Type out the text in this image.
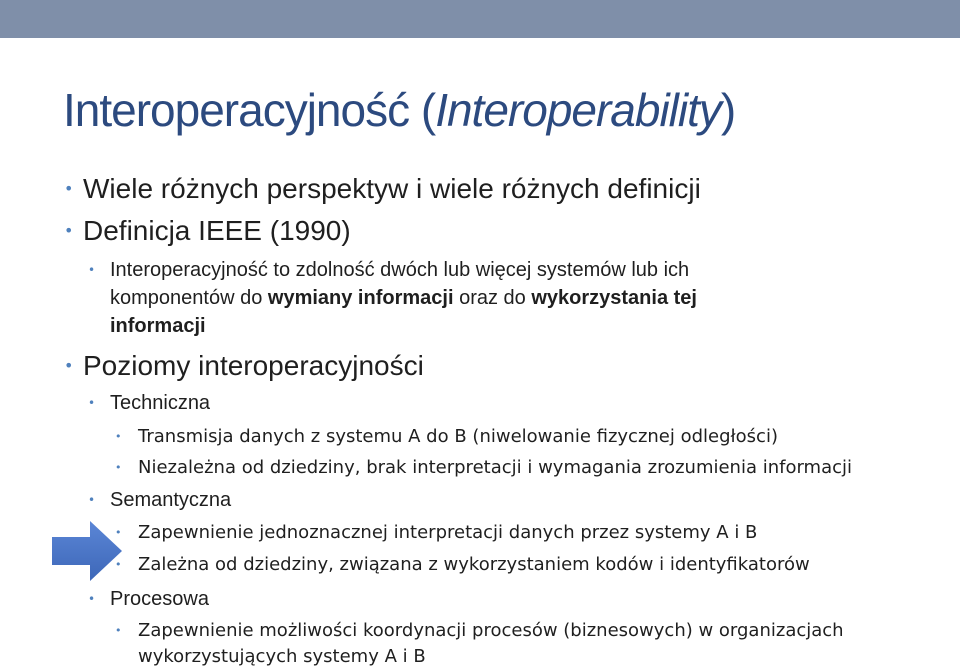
Interoperacyjność (Interoperability)
• Wiele różnych perspektyw i wiele różnych definicji
• Definicja IEEE (1990)
• Interoperacyjność to zdolność dwóch lub więcej systemów lub ich
komponentów do wymiany informacji oraz do wykorzystania tej
informacji
• Poziomy interoperacyjności
• Techniczna
• Transmisja danych z systemu A do B (niwelowanie fizycznej odległości)
• Niezależna od dziedziny, brak interpretacji i wymagania zrozumienia informacji
• Semantyczna
• Zapewnienie jednoznacznej interpretacji danych przez systemy A i B
• Zależna od dziedziny, związana z wykorzystaniem kodów i identyfikatorów
• Procesowa
• Zapewnienie możliwości koordynacji procesów (biznesowych) w organizacjach
wykorzystujących systemy A i B
